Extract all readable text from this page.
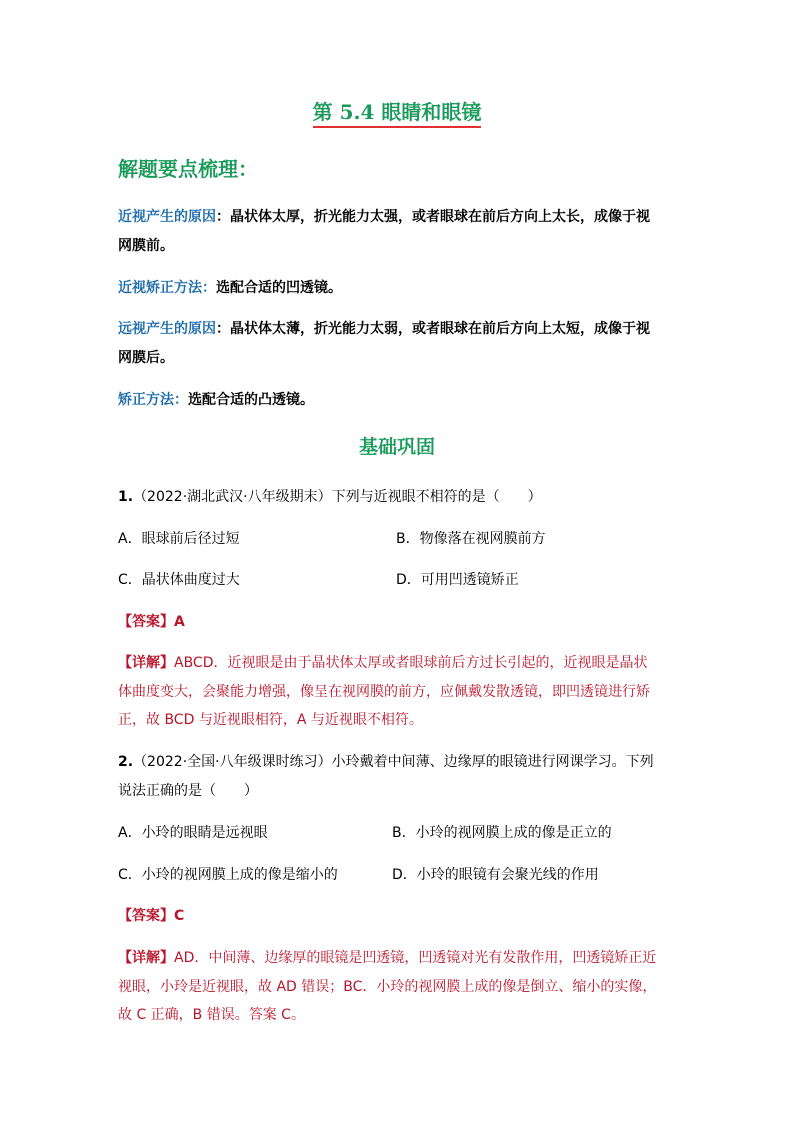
第 5.4 眼睛和眼镜
解题要点梳理：
近视产生的原因：晶状体太厚，折光能力太强，或者眼球在前后方向上太长，成像于视
网膜前。
近视矫正方法：选配合适的凹透镜。
远视产生的原因：晶状体太薄，折光能力太弱，或者眼球在前后方向上太短，成像于视
网膜后。
矫正方法：选配合适的凸透镜。
基础巩固
1.（2022·湖北武汉·八年级期末）下列与近视眼不相符的是（　　）
A．眼球前后径过短	B．物像落在视网膜前方
C．晶状体曲度过大	D．可用凹透镜矫正
【答案】A
【详解】ABCD．近视眼是由于晶状体太厚或者眼球前后方过长引起的，近视眼是晶状
体曲度变大，会聚能力增强，像呈在视网膜的前方，应佩戴发散透镜，即凹透镜进行矫
正，故 BCD 与近视眼相符，A 与近视眼不相符。
2.（2022·全国·八年级课时练习）小玲戴着中间薄、边缘厚的眼镜进行网课学习。下列
说法正确的是（　　）
A．小玲的眼睛是远视眼	B．小玲的视网膜上成的像是正立的
C．小玲的视网膜上成的像是缩小的	D．小玲的眼镜有会聚光线的作用
【答案】C
【详解】AD．中间薄、边缘厚的眼镜是凹透镜，凹透镜对光有发散作用，凹透镜矫正近
视眼，小玲是近视眼，故 AD 错误；BC．小玲的视网膜上成的像是倒立、缩小的实像，
故 C 正确，B 错误。答案 C。
